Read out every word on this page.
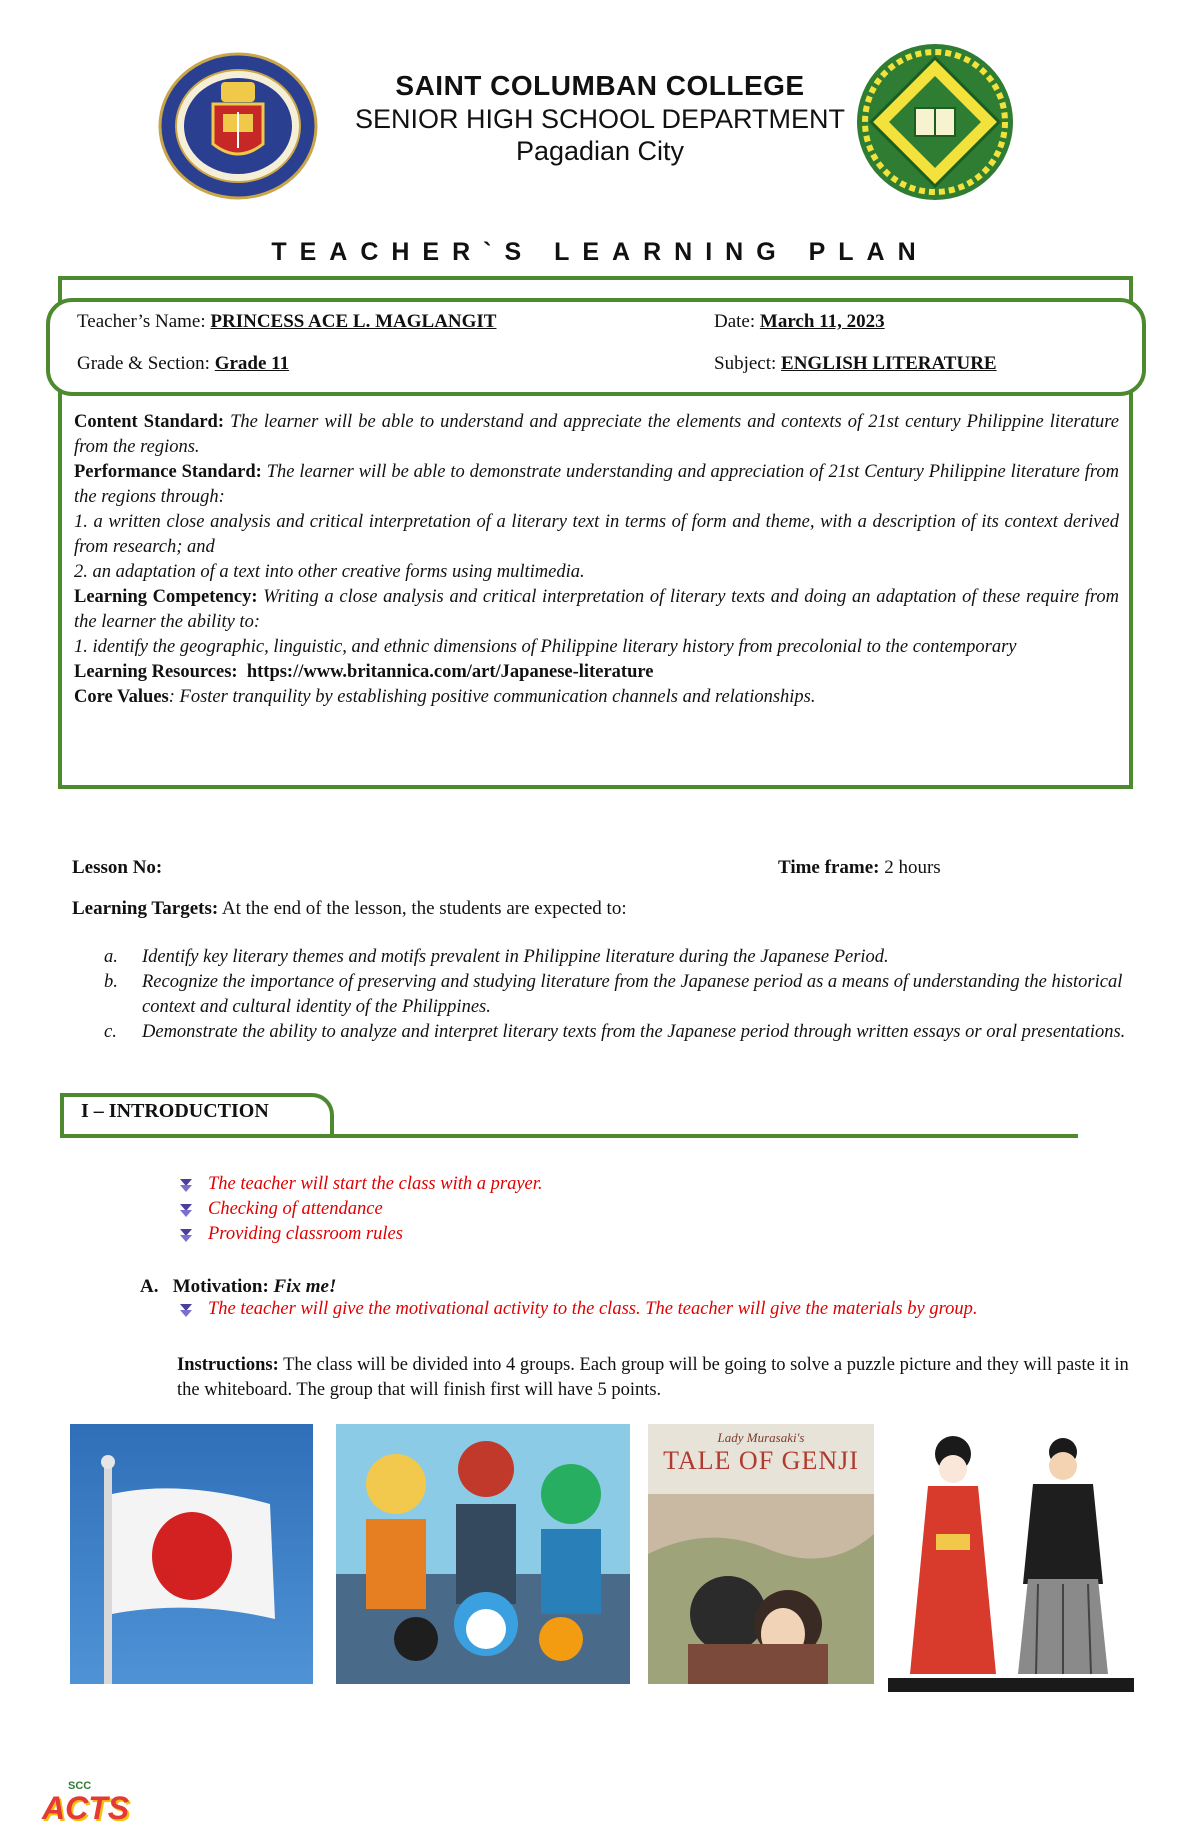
SAINT COLUMBAN COLLEGE
SENIOR HIGH SCHOOL DEPARTMENT
Pagadian City
TEACHER`S LEARNING PLAN
Teacher’s Name: PRINCESS ACE L. MAGLANGIT	Date: March 11, 2023
Grade & Section: Grade 11	Subject: ENGLISH LITERATURE

Content Standard: The learner will be able to understand and appreciate the elements and contexts of 21st century Philippine literature from the regions.

Performance Standard: The learner will be able to demonstrate understanding and appreciation of 21st Century Philippine literature from the regions through:

1. a written close analysis and critical interpretation of a literary text in terms of form and theme, with a description of its context derived from research; and

2. an adaptation of a text into other creative forms using multimedia.

Learning Competency: Writing a close analysis and critical interpretation of literary texts and doing an adaptation of these require from the learner the ability to:

1. identify the geographic, linguistic, and ethnic dimensions of Philippine literary history from precolonial to the contemporary

Learning Resources: https://www.britannica.com/art/Japanese-literature

Core Values: Foster tranquility by establishing positive communication channels and relationships.

Lesson No:	Time frame: 2 hours
Learning Targets: At the end of the lesson, the students are expected to:
a.	Identify key literary themes and motifs prevalent in Philippine literature during the Japanese Period.
b.	Recognize the importance of preserving and studying literature from the Japanese period as a means of understanding the historical context and cultural identity of the Philippines.
c.	Demonstrate the ability to analyze and interpret literary texts from the Japanese period through written essays or oral presentations.
I – INTRODUCTION
The teacher will start the class with a prayer.
Checking of attendance
Providing classroom rules
A. Motivation: Fix me!
The teacher will give the motivational activity to the class. The teacher will give the materials by group.
Instructions: The class will be divided into 4 groups. Each group will be going to solve a puzzle picture and they will paste it in the whiteboard. The group that will finish first will have 5 points.
Lady Murasaki's
TALE OF GENJI
SCC
ACTS
